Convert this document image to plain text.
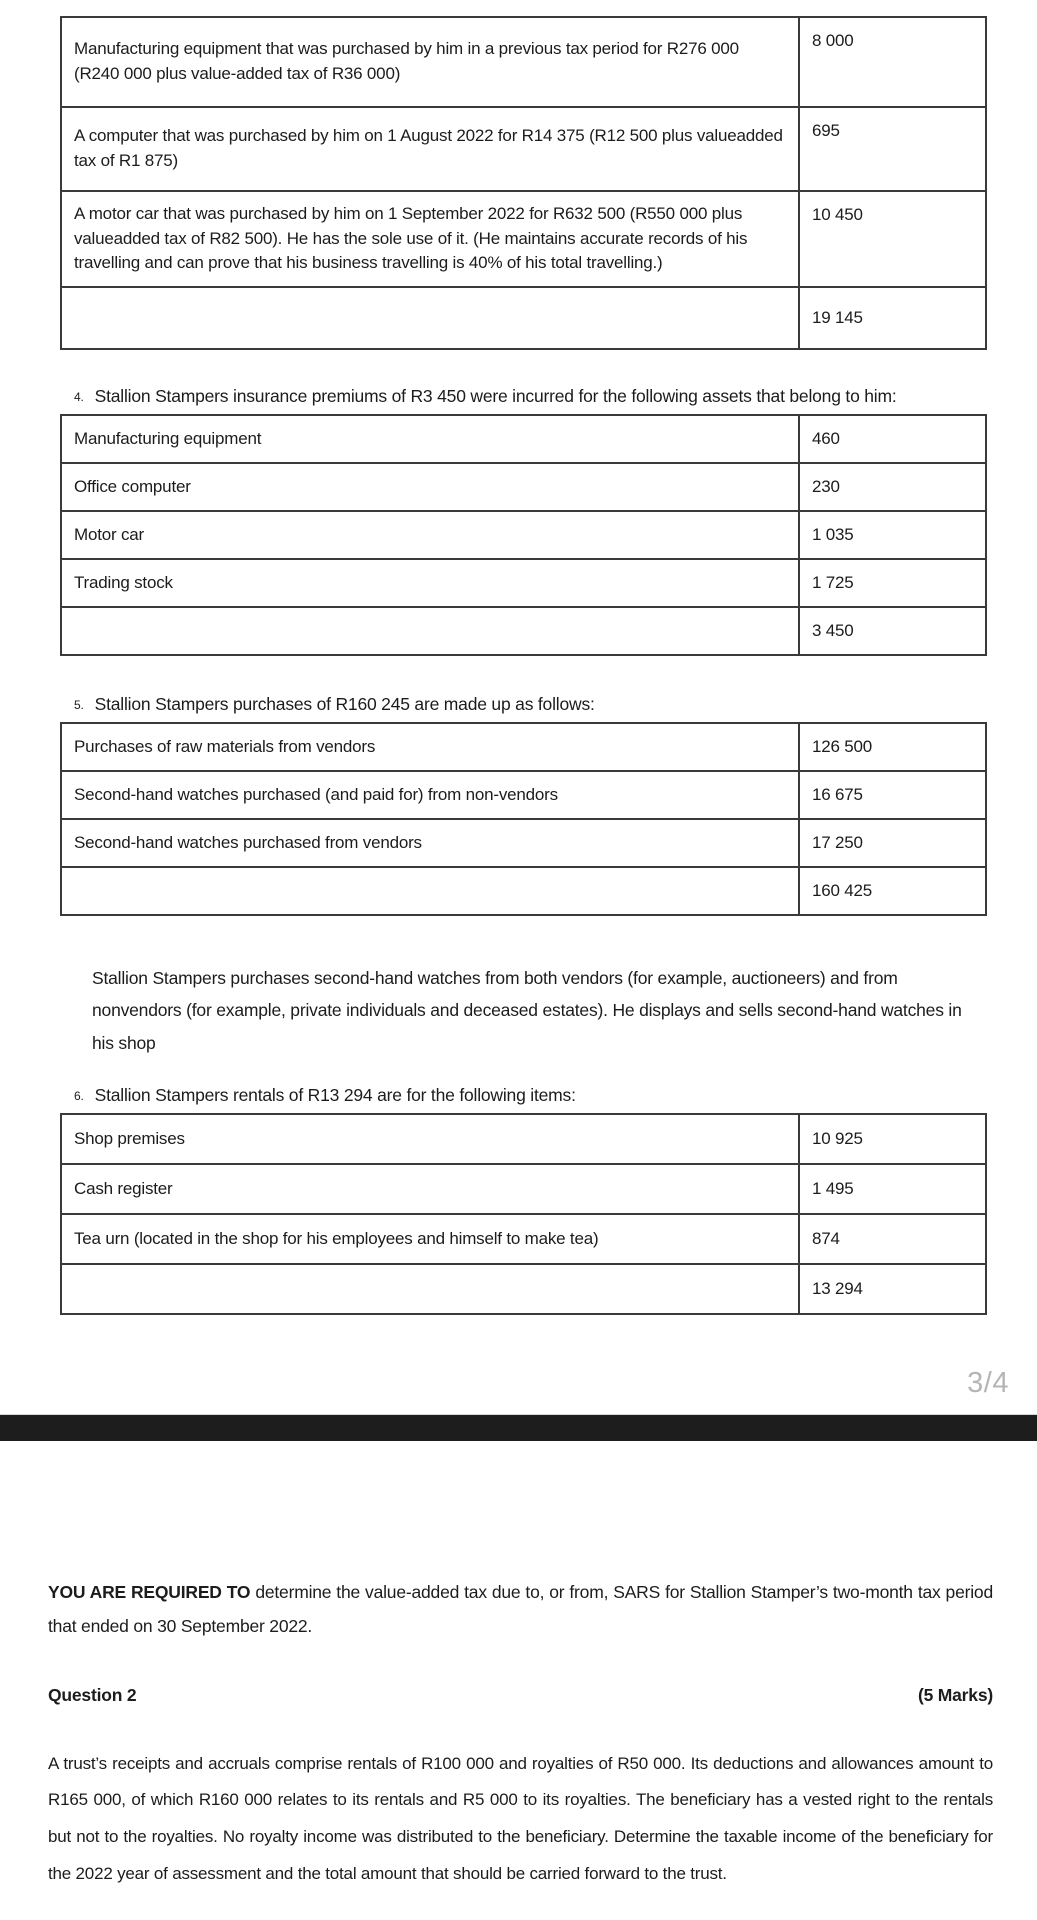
Manufacturing equipment that was purchased by him in a previous tax period for R276 000 (R240 000 plus value-added tax of R36 000)	8 000
A computer that was purchased by him on 1 August 2022 for R14 375 (R12 500 plus valueadded tax of R1 875)	695
A motor car that was purchased by him on 1 September 2022 for R632 500 (R550 000 plus valueadded tax of R82 500). He has the sole use of it. (He maintains accurate records of his travelling and can prove that his business travelling is 40% of his total travelling.)	10 450
	19 145
4. Stallion Stampers insurance premiums of R3 450 were incurred for the following assets that belong to him:
Manufacturing equipment	460
Office computer	230
Motor car	1 035
Trading stock	1 725
	3 450
5. Stallion Stampers purchases of R160 245 are made up as follows:
Purchases of raw materials from vendors	126 500
Second-hand watches purchased (and paid for) from non-vendors	16 675
Second-hand watches purchased from vendors	17 250
	160 425

Stallion Stampers purchases second-hand watches from both vendors (for example, auctioneers) and from nonvendors (for example, private individuals and deceased estates). He displays and sells second-hand watches in his shop

6. Stallion Stampers rentals of R13 294 are for the following items:
Shop premises	10 925
Cash register	1 495
Tea urn (located in the shop for his employees and himself to make tea)	874
	13 294
3/4

YOU ARE REQUIRED TO determine the value-added tax due to, or from, SARS for Stallion Stamper’s two-month tax period that ended on 30 September 2022.

Question 2	(5 Marks)

A trust’s receipts and accruals comprise rentals of R100 000 and royalties of R50 000. Its deductions and allowances amount to R165 000, of which R160 000 relates to its rentals and R5 000 to its royalties. The beneficiary has a vested right to the rentals but not to the royalties. No royalty income was distributed to the beneficiary. Determine the taxable income of the beneficiary for the 2022 year of assessment and the total amount that should be carried forward to the trust.
